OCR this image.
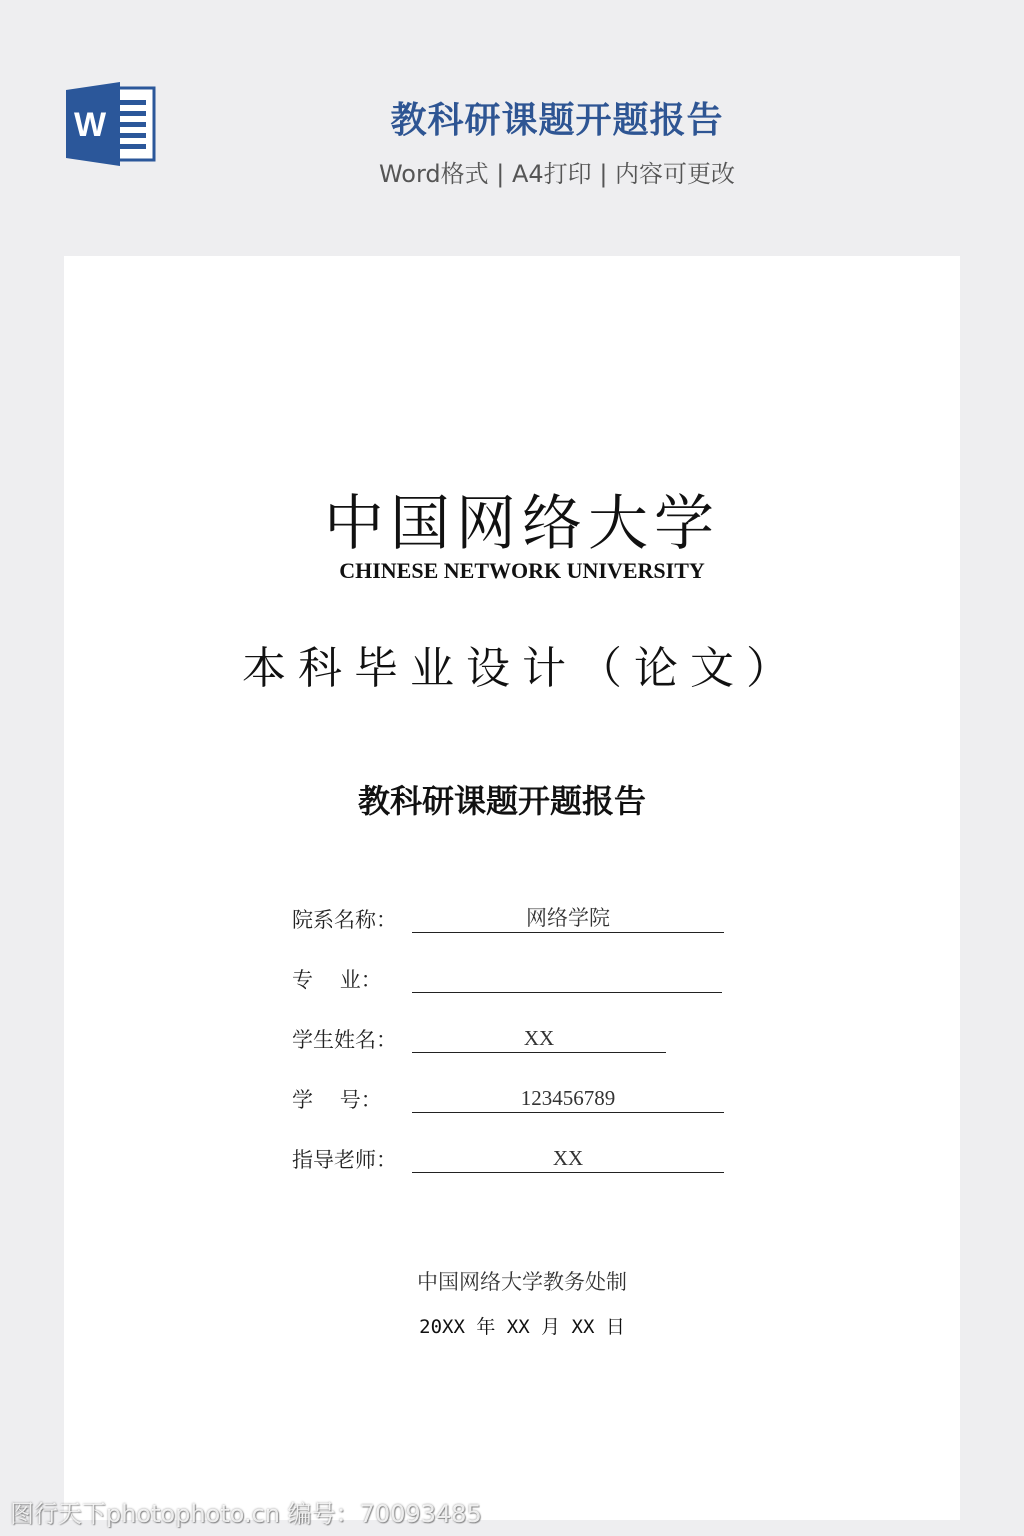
W	教科研课题开题报告
Word格式 | A4打印 | 内容可更改
中国网络大学
CHINESE NETWORK UNIVERSITY
本科毕业设计（论文）
教科研课题开题报告
院系名称：	网络学院
专    业：
学生姓名：	XX
学    号：	123456789
指导老师：	XX
中国网络大学教务处制
20XX 年 XX 月 XX 日
图行天下photophoto.cn 编号：70093485
